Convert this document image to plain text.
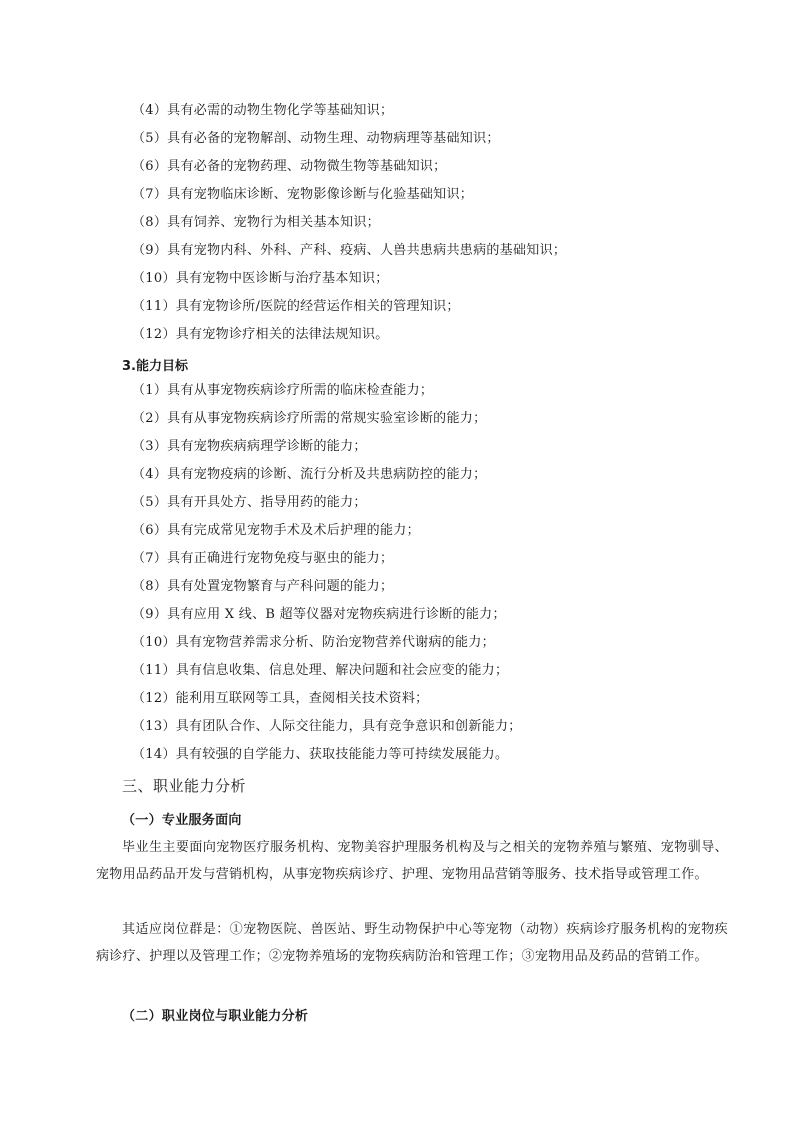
（4）具有必需的动物生物化学等基础知识；
（5）具有必备的宠物解剖、动物生理、动物病理等基础知识；
（6）具有必备的宠物药理、动物微生物等基础知识；
（7）具有宠物临床诊断、宠物影像诊断与化验基础知识；
（8）具有饲养、宠物行为相关基本知识；
（9）具有宠物内科、外科、产科、疫病、人兽共患病共患病的基础知识；
（10）具有宠物中医诊断与治疗基本知识；
（11）具有宠物诊所/医院的经营运作相关的管理知识；
（12）具有宠物诊疗相关的法律法规知识。
3.能力目标
（1）具有从事宠物疾病诊疗所需的临床检查能力；
（2）具有从事宠物疾病诊疗所需的常规实验室诊断的能力；
（3）具有宠物疾病病理学诊断的能力；
（4）具有宠物疫病的诊断、流行分析及共患病防控的能力；
（5）具有开具处方、指导用药的能力；
（6）具有完成常见宠物手术及术后护理的能力；
（7）具有正确进行宠物免疫与驱虫的能力；
（8）具有处置宠物繁育与产科问题的能力；
（9）具有应用 X 线、B 超等仪器对宠物疾病进行诊断的能力；
（10）具有宠物营养需求分析、防治宠物营养代谢病的能力；
（11）具有信息收集、信息处理、解决问题和社会应变的能力；
（12）能利用互联网等工具，查阅相关技术资料；
（13）具有团队合作、人际交往能力，具有竞争意识和创新能力；
（14）具有较强的自学能力、获取技能能力等可持续发展能力。
三、职业能力分析
（一）专业服务面向
毕业生主要面向宠物医疗服务机构、宠物美容护理服务机构及与之相关的宠物养殖与繁殖、宠物驯导、宠物用品药品开发与营销机构，从事宠物疾病诊疗、护理、宠物用品营销等服务、技术指导或管理工作。
其适应岗位群是：①宠物医院、兽医站、野生动物保护中心等宠物（动物）疾病诊疗服务机构的宠物疾病诊疗、护理以及管理工作；②宠物养殖场的宠物疾病防治和管理工作；③宠物用品及药品的营销工作。
（二）职业岗位与职业能力分析
